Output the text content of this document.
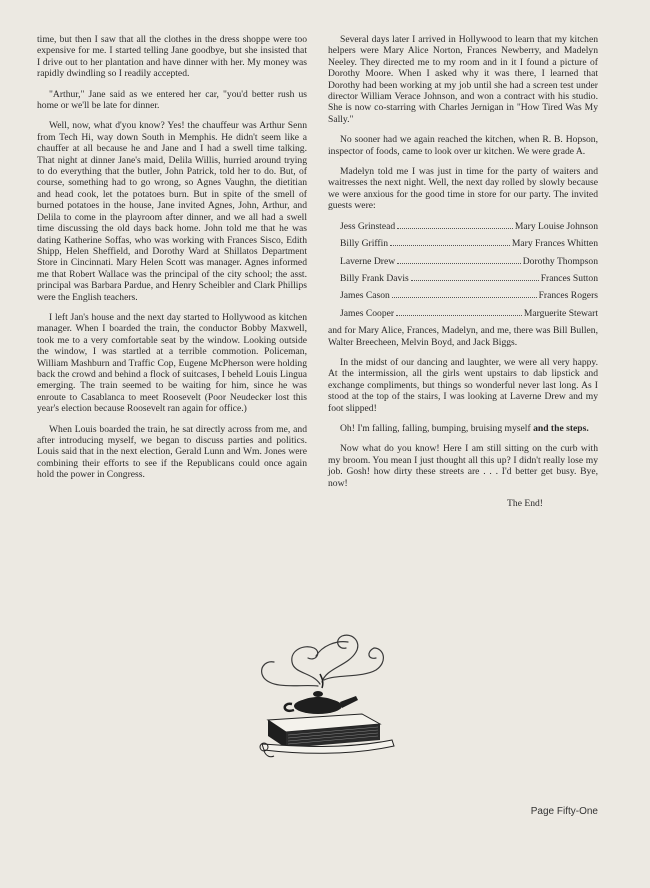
time, but then I saw that all the clothes in the dress shoppe were too expensive for me. I started telling Jane goodbye, but she insisted that I drive out to her plantation and have dinner with her. My money was rapidly dwindling so I readily accepted.

"Arthur," Jane said as we entered her car, "you'd better rush us home or we'll be late for dinner.

Well, now, what d'you know? Yes! the chauffeur was Arthur Senn from Tech Hi, way down South in Memphis. He didn't seem like a chauffer at all because he and Jane and I had a swell time talking. That night at dinner Jane's maid, Delila Willis, hurried around trying to do everything that the butler, John Patrick, told her to do. But, of course, something had to go wrong, so Agnes Vaughn, the dietitian and head cook, let the potatoes burn. But in spite of the smell of burned potatoes in the house, Jane invited Agnes, John, Arthur, and Delila to come in the playroom after dinner, and we all had a swell time discussing the old days back home. John told me that he was dating Katherine Soffas, who was working with Frances Sisco, Edith Shipp, Helen Sheffield, and Dorothy Ward at Shillatos Department Store in Cincinnati. Mary Helen Scott was manager. Agnes informed me that Robert Wallace was the principal of the city school; the asst. principal was Barbara Pardue, and Henry Scheibler and Clark Phillips were the English teachers.

I left Jan's house and the next day started to Hollywood as kitchen manager. When I boarded the train, the conductor Bobby Maxwell, took me to a very comfortable seat by the window. Looking outside the window, I was startled at a terrible commotion. Policeman, William Mashburn and Traffic Cop, Eugene McPherson were holding back the crowd and behind a flock of suitcases, I beheld Louis Lingua emerging. The train seemed to be waiting for him, since he was enroute to Casablanca to meet Roosevelt (Poor Neudecker lost this year's election because Roosevelt ran again for office.)

When Louis boarded the train, he sat directly across from me, and after introducing myself, we began to discuss parties and politics. Louis said that in the next election, Gerald Lunn and Wm. Jones were combining their efforts to see if the Republicans could once again hold the power in Congress.

Several days later I arrived in Hollywood to learn that my kitchen helpers were Mary Alice Norton, Frances Newberry, and Madelyn Neeley. They directed me to my room and in it I found a picture of Dorothy Moore. When I asked why it was there, I learned that Dorothy had been working at my job until she had a screen test under director William Verace Johnson, and won a contract with his studio. She is now co-starring with Charles Jernigan in "How Tired Was My Sally."

No sooner had we again reached the kitchen, when R. B. Hopson, inspector of foods, came to look over ur kitchen. We were grade A.

Madelyn told me I was just in time for the party of waiters and waitresses the next night. Well, the next day rolled by slowly because we were anxious for the good time in store for our party. The invited guests were:

Jess Grinstead	Mary Louise Johnson
Billy Griffin	Mary Frances Whitten
Laverne Drew	Dorothy Thompson
Billy Frank Davis	Frances Sutton
James Cason	Frances Rogers
James Cooper	Marguerite Stewart

and for Mary Alice, Frances, Madelyn, and me, there was Bill Bullen, Walter Breecheen, Melvin Boyd, and Jack Biggs.

In the midst of our dancing and laughter, we were all very happy. At the intermission, all the girls went upstairs to dab lipstick and exchange compliments, but things so wonderful never last long. As I stood at the top of the stairs, I was looking at Laverne Drew and my foot slipped!

Oh! I'm falling, falling, bumping, bruising myself and the steps.

Now what do you know! Here I am still sitting on the curb with my broom. You mean I just thought all this up? I didn't really lose my job. Gosh! how dirty these streets are . . . I'd better get busy. Bye, now!

The End!
Page Fifty-One
